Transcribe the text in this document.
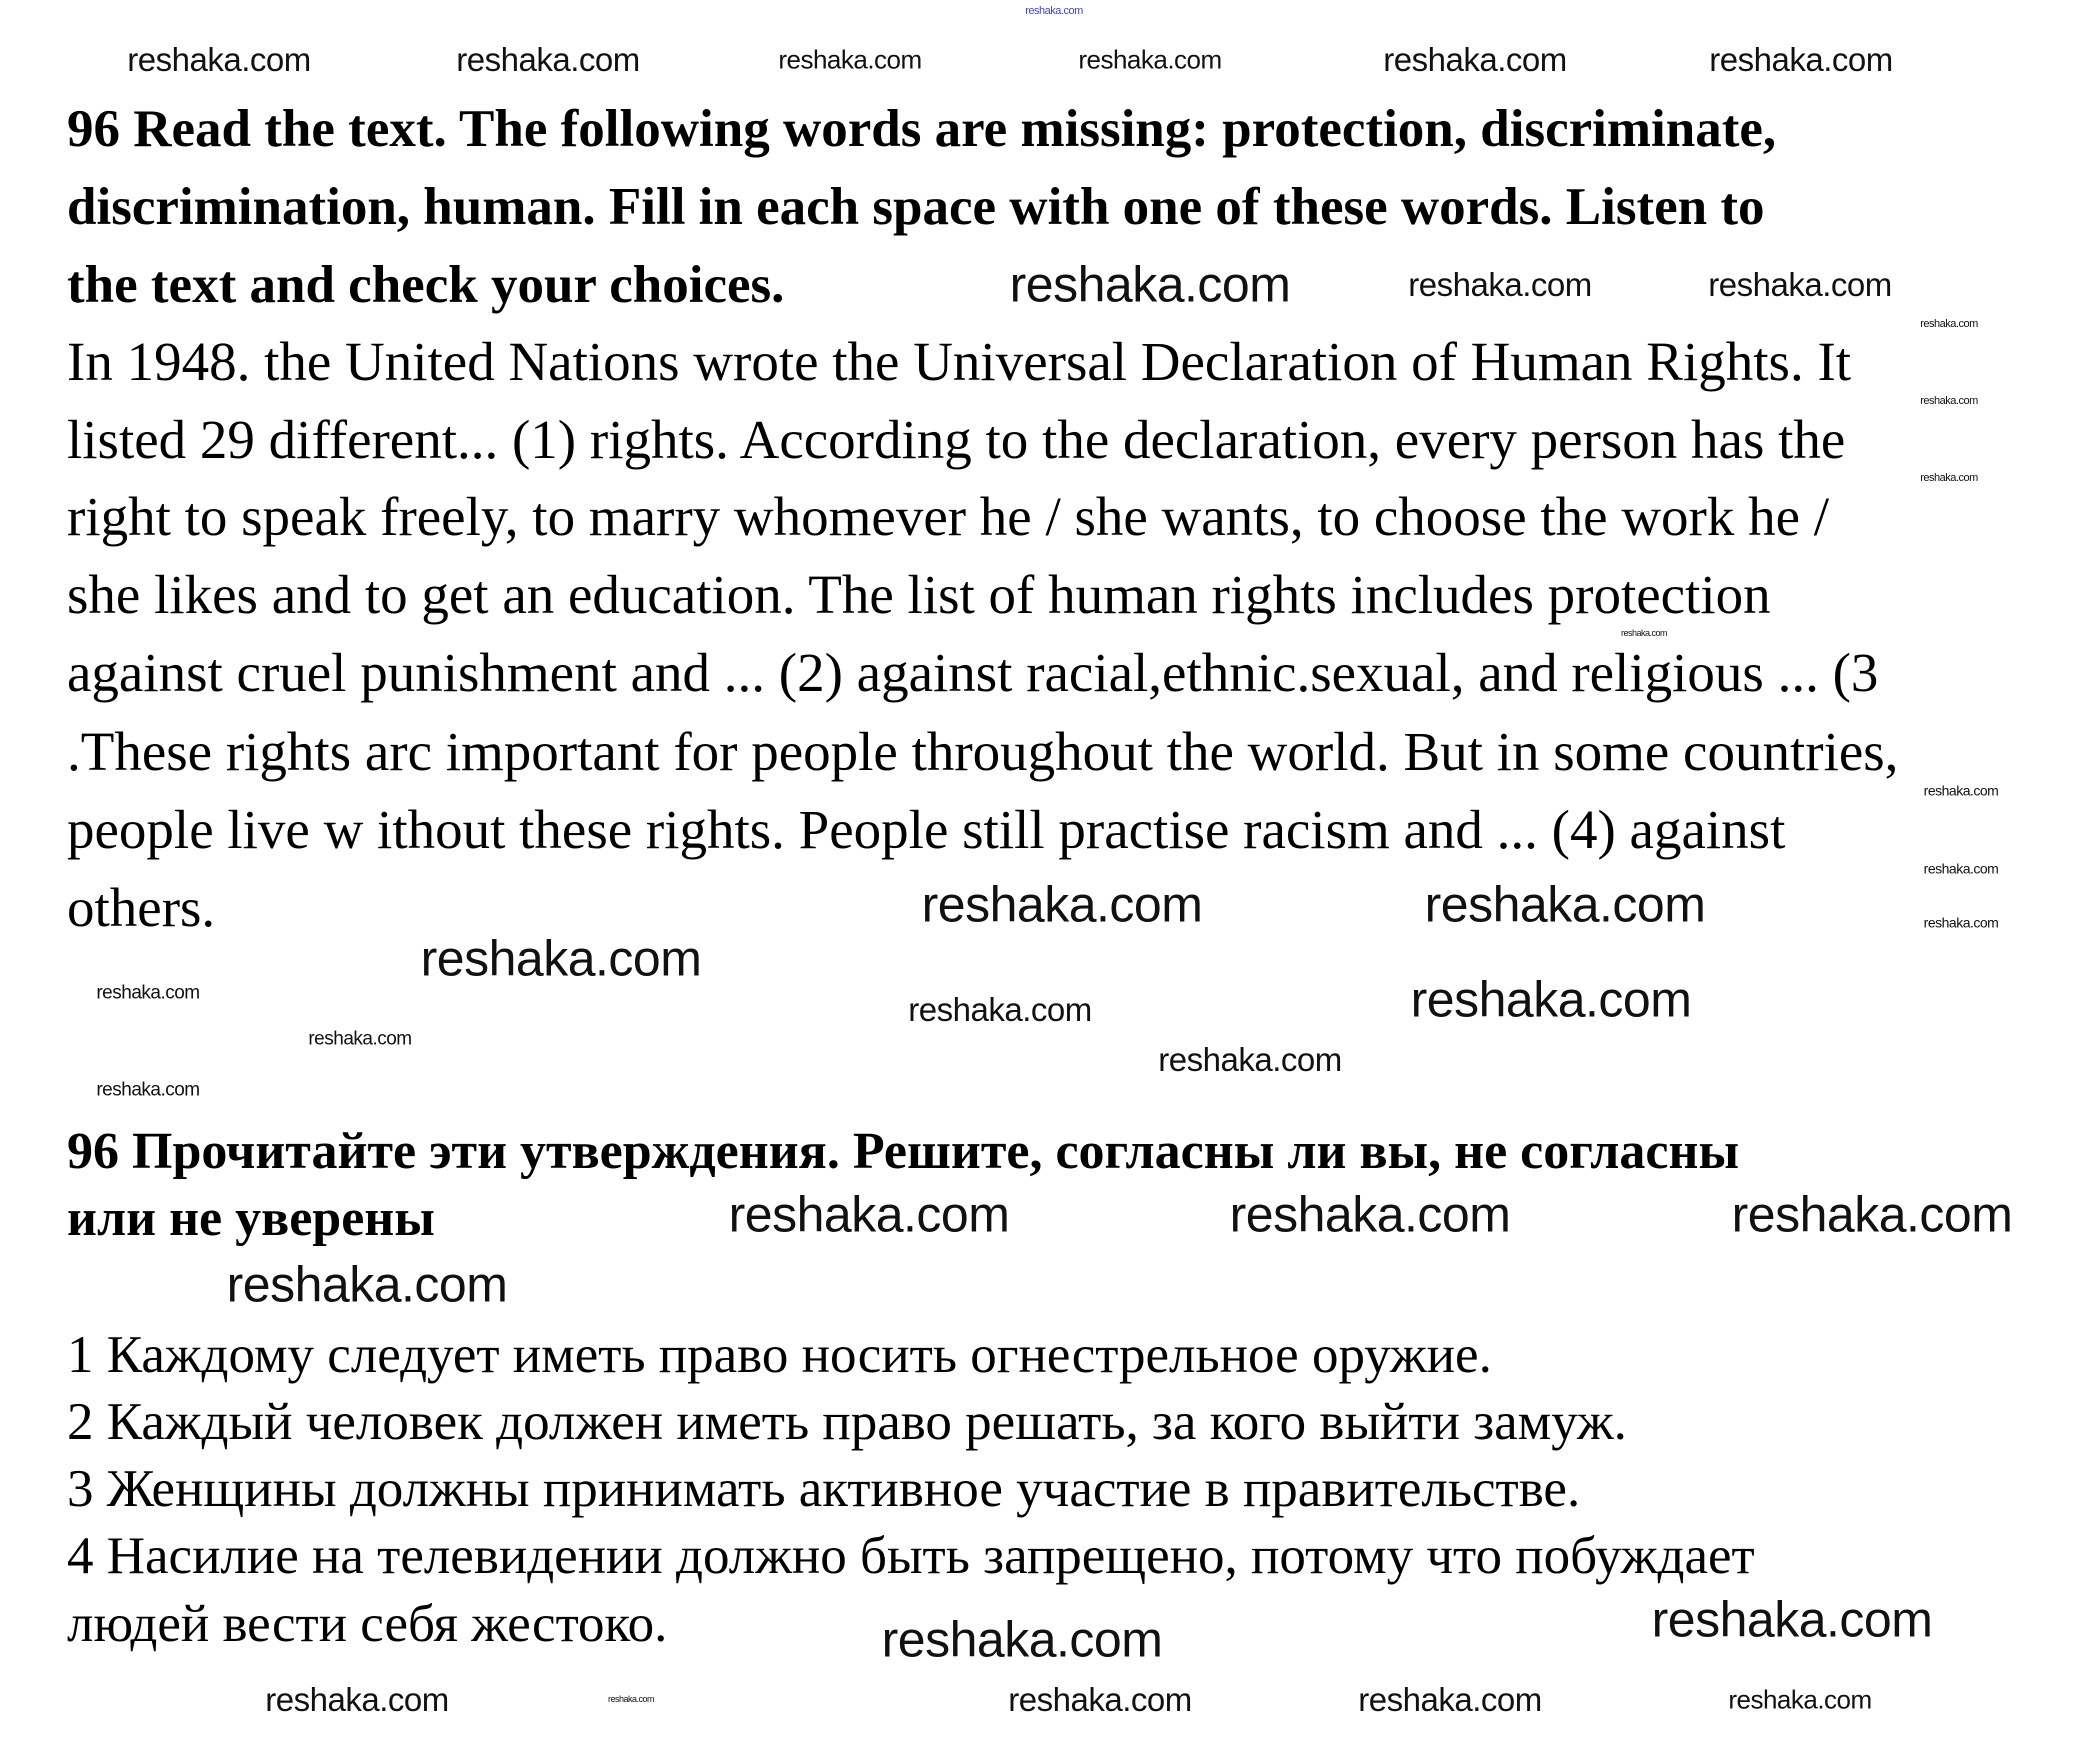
96 Read the text. The following words are missing: protection, discriminate,
discrimination, human. Fill in each space with one of these words. Listen to
the text and check your choices.
In 1948. the United Nations wrote the Universal Declaration of Human Rights. It
listed 29 different... (1) rights. According to the declaration, every person has the
right to speak freely, to marry whomever he / she wants, to choose the work he /
she likes and to get an education. The list of human rights includes protection
against cruel punishment and ... (2) against racial,ethnic.sexual, and religious ... (3
.These rights arc important for people throughout the world. But in some countries,
people live w ithout these rights. People still practise racism and ... (4) against
others.
96 Прочитайте эти утверждения. Решите, согласны ли вы, не согласны
или не уверены
1 Каждому следует иметь право носить огнестрельное оружие.
2 Каждый человек должен иметь право решать, за кого выйти замуж.
3 Женщины должны принимать активное участие в правительстве.
4 Насилие на телевидении должно быть запрещено, потому что побуждает
людей вести себя жестоко.
reshaka.com
reshaka.com	reshaka.com	reshaka.com	reshaka.com	reshaka.com	reshaka.com
reshaka.com	reshaka.com	reshaka.com
reshaka.com
reshaka.com
reshaka.com
reshaka.com
reshaka.com
reshaka.com
reshaka.com	reshaka.com	reshaka.com
reshaka.com
reshaka.com
reshaka.com
reshaka.com
reshaka.com
reshaka.com
reshaka.com
reshaka.com	reshaka.com	reshaka.com
reshaka.com
reshaka.com	reshaka.com
reshaka.com	reshaka.com	reshaka.com	reshaka.com	reshaka.com
